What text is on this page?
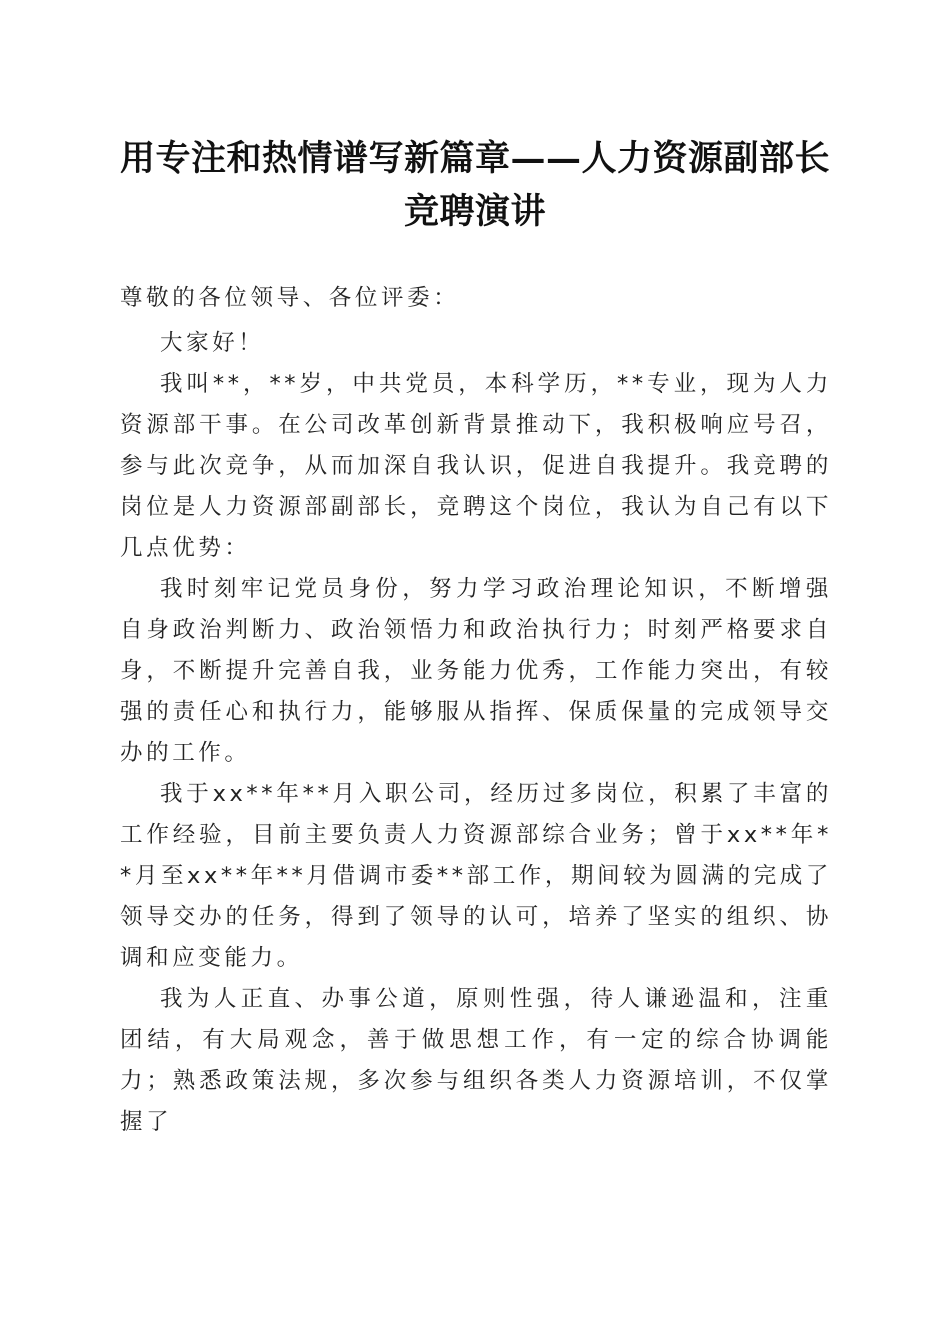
用专注和热情谱写新篇章——人力资源副部长
竞聘演讲

尊敬的各位领导、各位评委：

大家好！

我叫**，**岁，中共党员，本科学历，**专业，现为人力资源部干事。在公司改革创新背景推动下，我积极响应号召，参与此次竞争，从而加深自我认识，促进自我提升。我竞聘的岗位是人力资源部副部长，竞聘这个岗位，我认为自己有以下几点优势：

我时刻牢记党员身份，努力学习政治理论知识，不断增强自身政治判断力、政治领悟力和政治执行力；时刻严格要求自身，不断提升完善自我，业务能力优秀，工作能力突出，有较强的责任心和执行力，能够服从指挥、保质保量的完成领导交办的工作。

我于xx**年**月入职公司，经历过多岗位，积累了丰富的工作经验，目前主要负责人力资源部综合业务；曾于xx**年**月至xx**年**月借调市委**部工作，期间较为圆满的完成了领导交办的任务，得到了领导的认可，培养了坚实的组织、协调和应变能力。

我为人正直、办事公道，原则性强，待人谦逊温和，注重团结，有大局观念，善于做思想工作，有一定的综合协调能力；熟悉政策法规，多次参与组织各类人力资源培训，不仅掌握了
